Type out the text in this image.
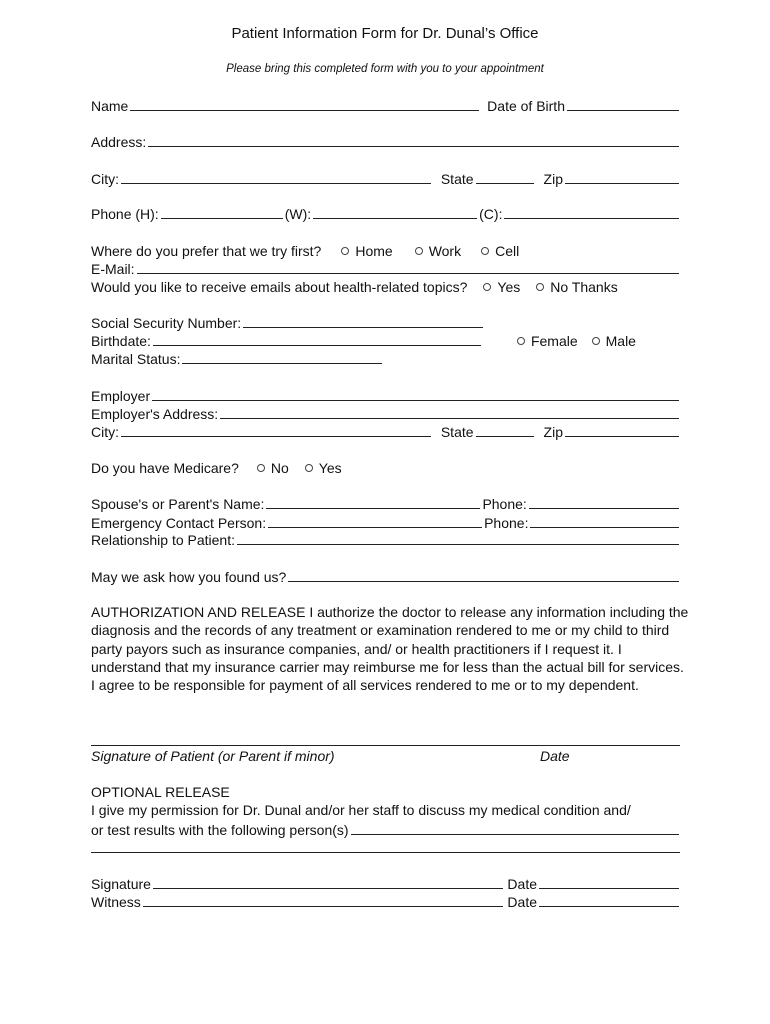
Patient Information Form for Dr. Dunal’s Office
Please bring this completed form with you to your appointment
Name	Date of Birth
Address:
City:	State	Zip
Phone (H):	(W):	(C):
Where do you prefer that we try first? Home	Work Cell
E-Mail:
Would you like to receive emails about health-related topics? Yes No Thanks
Social Security Number:
Birthdate:	Female Male
Marital Status:
Employer
Employer's Address:
City:	State	Zip
Do you have Medicare? No Yes
Spouse's or Parent's Name:	Phone:
Emergency Contact Person:	Phone:
Relationship to Patient:
May we ask how you found us?
AUTHORIZATION AND RELEASE I authorize the doctor to release any information including the diagnosis and the records of any treatment or examination rendered to me or my child to third party payors such as insurance companies, and/ or health practitioners if I request it. I understand that my insurance carrier may reimburse me for less than the actual bill for services. I agree to be responsible for payment of all services rendered to me or to my dependent.
Signature of Patient (or Parent if minor)	Date
OPTIONAL RELEASE
I give my permission for Dr. Dunal and/or her staff to discuss my medical condition and/
or test results with the following person(s)
Signature	Date
Witness	Date
